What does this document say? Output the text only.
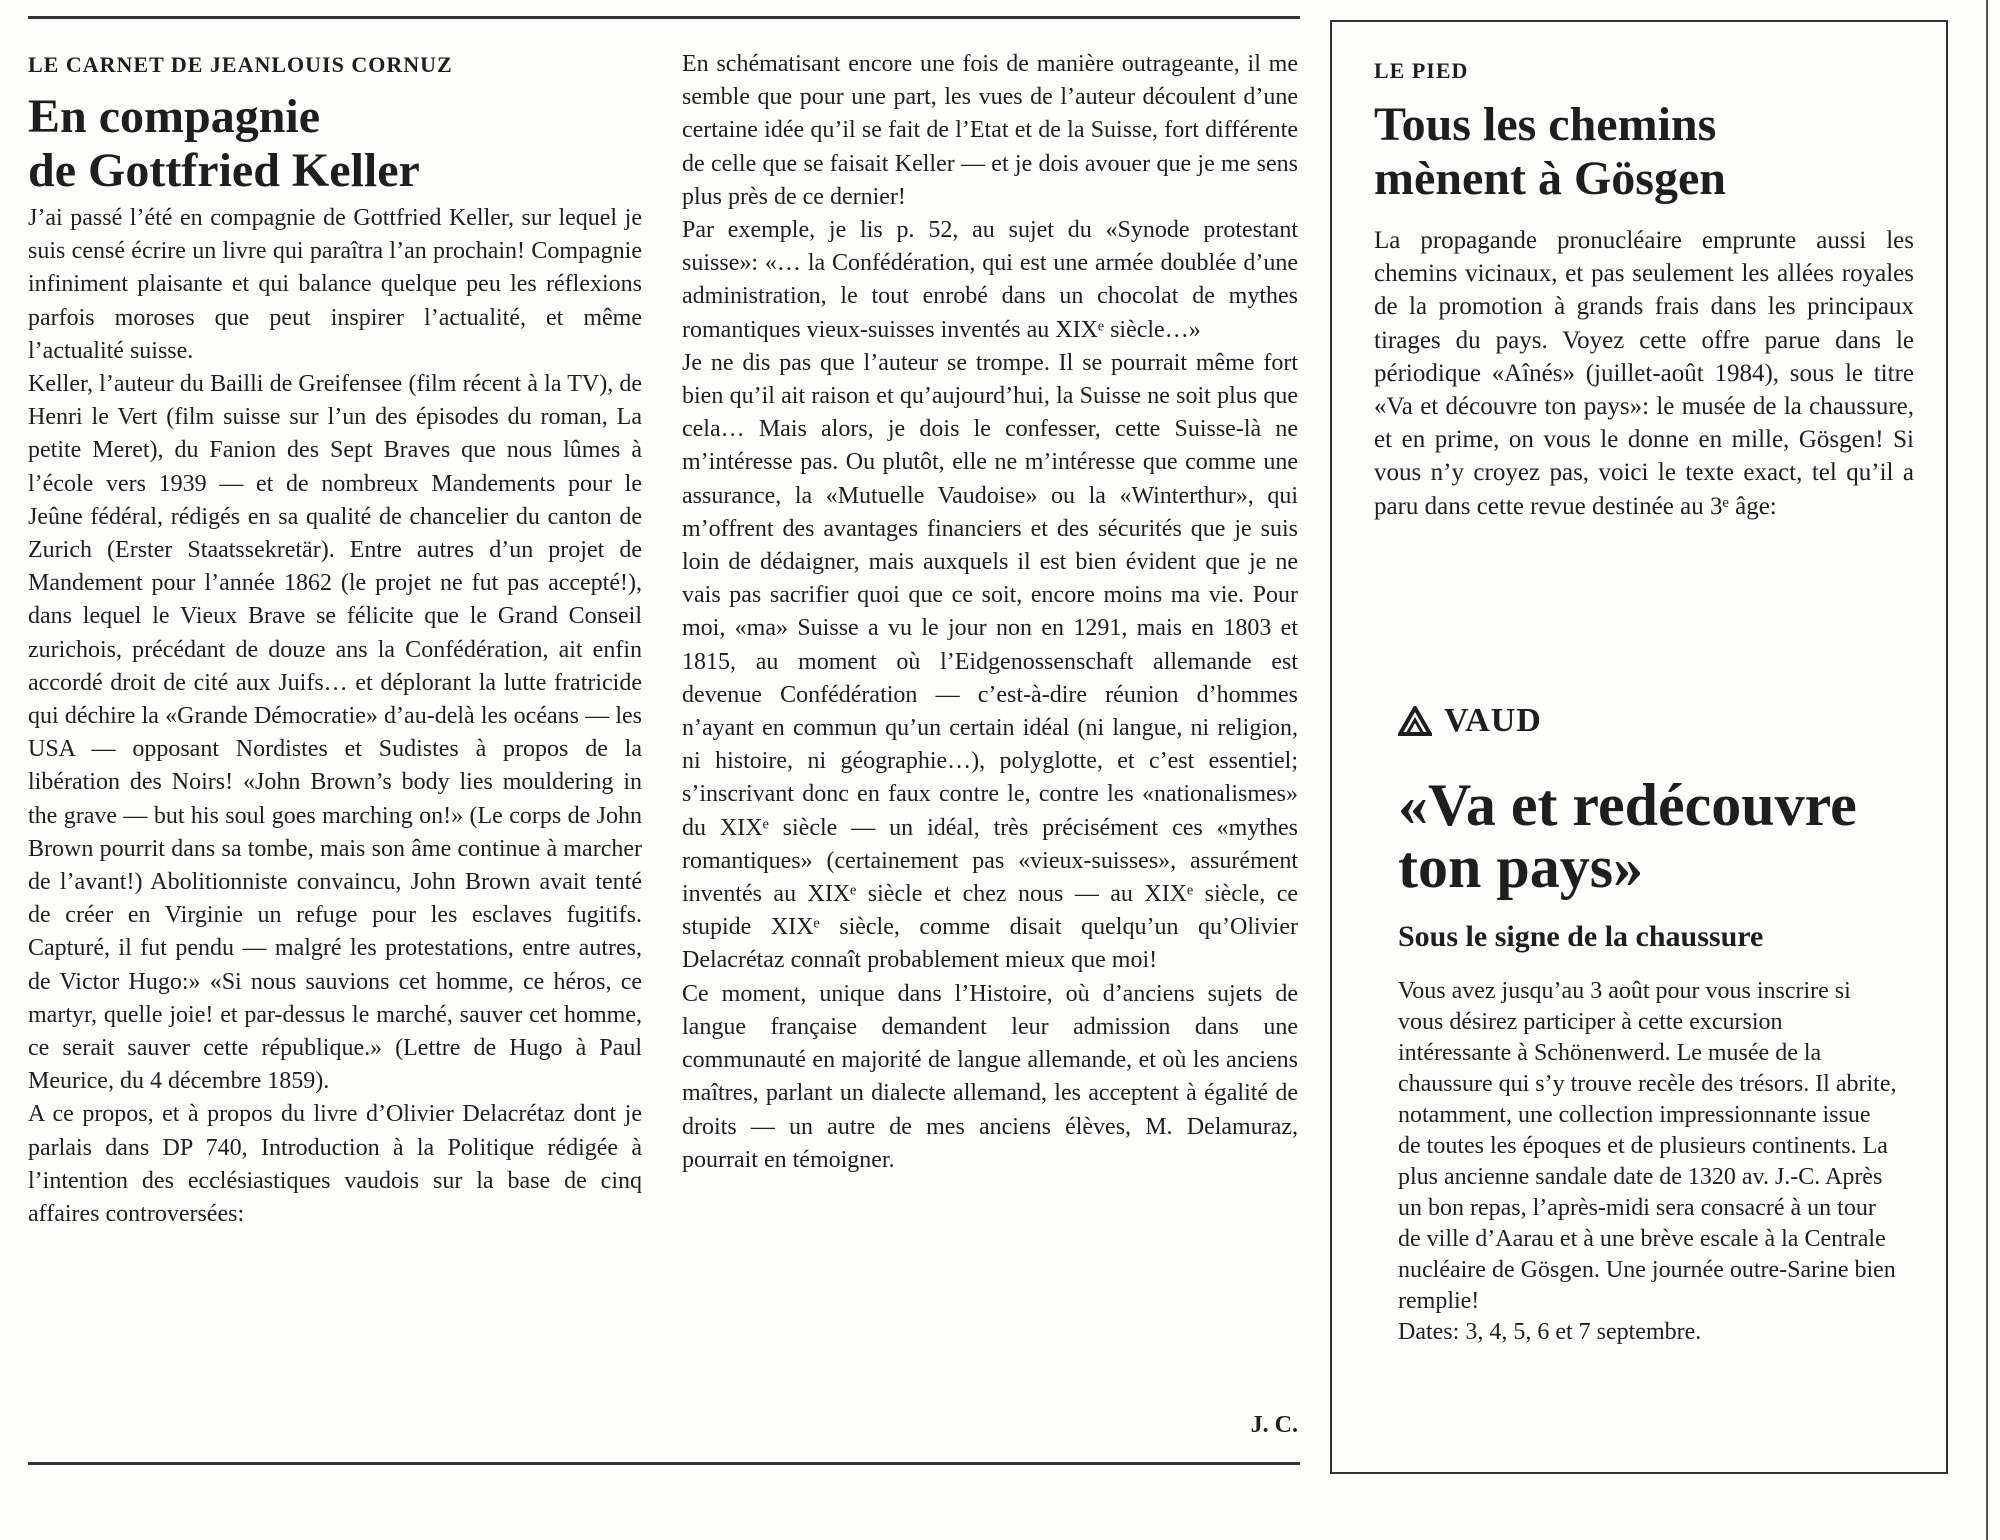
LE CARNET DE JEANLOUIS CORNUZ

En compagnie
de Gottfried Keller

J’ai passé l’été en compagnie de Gottfried Keller, sur lequel je suis censé écrire un livre qui paraîtra l’an prochain! Compagnie infiniment plaisante et qui balance quelque peu les réflexions parfois moroses que peut inspirer l’actualité, et même l’actualité suisse.

Keller, l’auteur du Bailli de Greifensee (film récent à la TV), de Henri le Vert (film suisse sur l’un des épisodes du roman, La petite Meret), du Fanion des Sept Braves que nous lûmes à l’école vers 1939 — et de nombreux Mandements pour le Jeûne fédéral, rédigés en sa qualité de chancelier du canton de Zurich (Erster Staatssekretär). Entre autres d’un projet de Mandement pour l’année 1862 (le projet ne fut pas accepté!), dans lequel le Vieux Brave se félicite que le Grand Conseil zurichois, précédant de douze ans la Confédération, ait enfin accordé droit de cité aux Juifs… et déplorant la lutte fratricide qui déchire la «Grande Démocratie» d’au-delà les océans — les USA — opposant Nordistes et Sudistes à propos de la libération des Noirs! «John Brown’s body lies mouldering in the grave — but his soul goes marching on!» (Le corps de John Brown pourrit dans sa tombe, mais son âme continue à marcher de l’avant!) Abolitionniste convaincu, John Brown avait tenté de créer en Virginie un refuge pour les esclaves fugitifs. Capturé, il fut pendu — malgré les protestations, entre autres, de Victor Hugo:» «Si nous sauvions cet homme, ce héros, ce martyr, quelle joie! et par-dessus le marché, sauver cet homme, ce serait sauver cette république.» (Lettre de Hugo à Paul Meurice, du 4 décembre 1859).

A ce propos, et à propos du livre d’Olivier Delacrétaz dont je parlais dans DP 740, Introduction à la Politique rédigée à l’intention des ecclésiastiques vaudois sur la base de cinq affaires controversées:

En schématisant encore une fois de manière outrageante, il me semble que pour une part, les vues de l’auteur découlent d’une certaine idée qu’il se fait de l’Etat et de la Suisse, fort différente de celle que se faisait Keller — et je dois avouer que je me sens plus près de ce dernier!

Par exemple, je lis p. 52, au sujet du «Synode protestant suisse»: «… la Confédération, qui est une armée doublée d’une administration, le tout enrobé dans un chocolat de mythes romantiques vieux-suisses inventés au XIXᵉ siècle…»

Je ne dis pas que l’auteur se trompe. Il se pourrait même fort bien qu’il ait raison et qu’aujourd’hui, la Suisse ne soit plus que cela… Mais alors, je dois le confesser, cette Suisse-là ne m’intéresse pas. Ou plutôt, elle ne m’intéresse que comme une assurance, la «Mutuelle Vaudoise» ou la «Winterthur», qui m’offrent des avantages financiers et des sécurités que je suis loin de dédaigner, mais auxquels il est bien évident que je ne vais pas sacrifier quoi que ce soit, encore moins ma vie. Pour moi, «ma» Suisse a vu le jour non en 1291, mais en 1803 et 1815, au moment où l’Eidgenossenschaft allemande est devenue Confédération — c’est-à-dire réunion d’hommes n’ayant en commun qu’un certain idéal (ni langue, ni religion, ni histoire, ni géographie…), polyglotte, et c’est essentiel; s’inscrivant donc en faux contre le, contre les «nationalismes» du XIXᵉ siècle — un idéal, très précisément ces «mythes romantiques» (certainement pas «vieux-suisses», assurément inventés au XIXᵉ siècle et chez nous — au XIXᵉ siècle, ce stupide XIXᵉ siècle, comme disait quelqu’un qu’Olivier Delacrétaz connaît probablement mieux que moi!

Ce moment, unique dans l’Histoire, où d’anciens sujets de langue française demandent leur admission dans une communauté en majorité de langue allemande, et où les anciens maîtres, parlant un dialecte allemand, les acceptent à égalité de droits — un autre de mes anciens élèves, M. Delamuraz, pourrait en témoigner.

J. C.

LE PIED

Tous les chemins
mènent à Gösgen

La propagande pronucléaire emprunte aussi les chemins vicinaux, et pas seulement les allées royales de la promotion à grands frais dans les principaux tirages du pays. Voyez cette offre parue dans le périodique «Aînés» (juillet-août 1984), sous le titre «Va et découvre ton pays»: le musée de la chaussure, et en prime, on vous le donne en mille, Gösgen! Si vous n’y croyez pas, voici le texte exact, tel qu’il a paru dans cette revue destinée au 3ᵉ âge:

VAUD
«Va et redécouvre
ton pays»

Sous le signe de la chaussure

Vous avez jusqu’au 3 août pour vous inscrire si vous désirez participer à cette excursion intéressante à Schönenwerd. Le musée de la chaussure qui s’y trouve recèle des trésors. Il abrite, notamment, une collection impressionnante issue de toutes les époques et de plusieurs continents. La plus ancienne sandale date de 1320 av. J.-C. Après un bon repas, l’après-midi sera consacré à un tour de ville d’Aarau et à une brève escale à la Centrale nucléaire de Gösgen. Une journée outre-Sarine bien remplie!

Dates: 3, 4, 5, 6 et 7 septembre.
